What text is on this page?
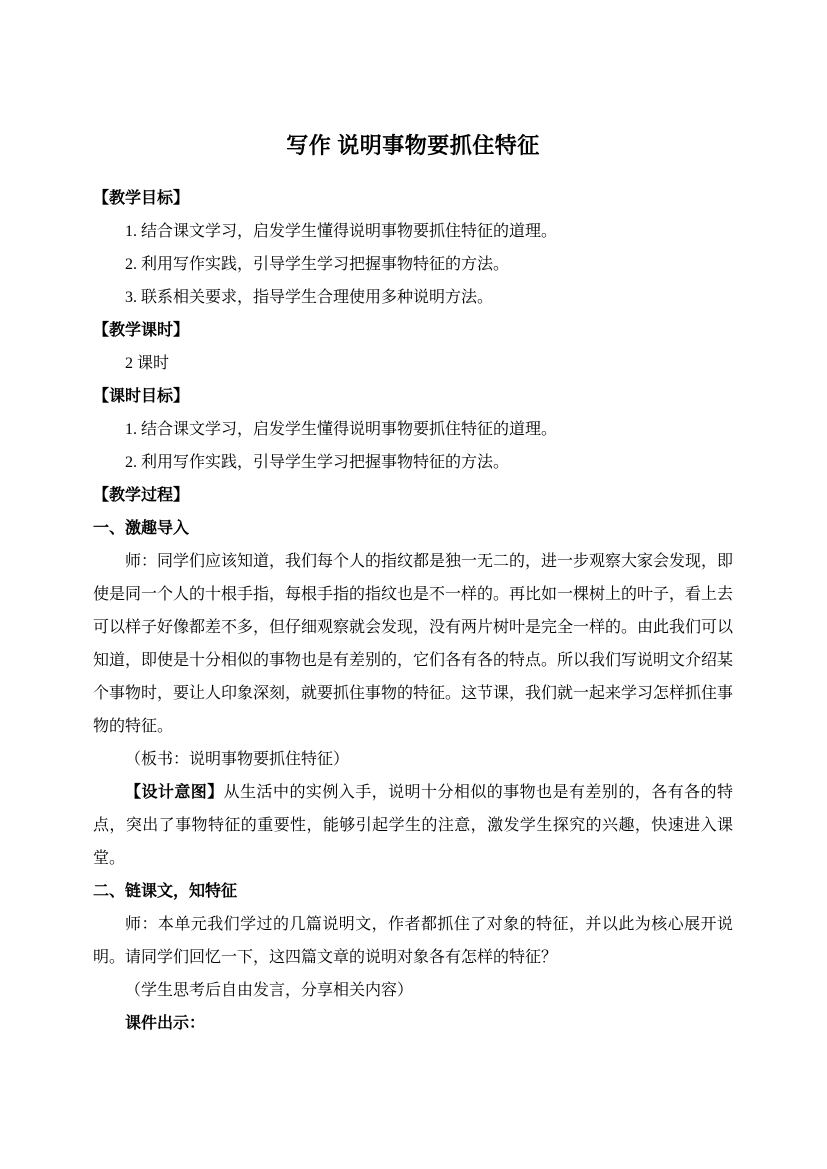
写作 说明事物要抓住特征

【教学目标】

1. 结合课文学习，启发学生懂得说明事物要抓住特征的道理。

2. 利用写作实践，引导学生学习把握事物特征的方法。

3. 联系相关要求，指导学生合理使用多种说明方法。

【教学课时】

2 课时

【课时目标】

1. 结合课文学习，启发学生懂得说明事物要抓住特征的道理。

2. 利用写作实践，引导学生学习把握事物特征的方法。

【教学过程】

一、激趣导入

师：同学们应该知道，我们每个人的指纹都是独一无二的，进一步观察大家会发现，即使是同一个人的十根手指，每根手指的指纹也是不一样的。再比如一棵树上的叶子，看上去可以样子好像都差不多，但仔细观察就会发现，没有两片树叶是完全一样的。由此我们可以知道，即使是十分相似的事物也是有差别的，它们各有各的特点。所以我们写说明文介绍某个事物时，要让人印象深刻，就要抓住事物的特征。这节课，我们就一起来学习怎样抓住事物的特征。

（板书：说明事物要抓住特征）

【设计意图】从生活中的实例入手，说明十分相似的事物也是有差别的，各有各的特点，突出了事物特征的重要性，能够引起学生的注意，激发学生探究的兴趣，快速进入课堂。

二、链课文，知特征

师：本单元我们学过的几篇说明文，作者都抓住了对象的特征，并以此为核心展开说明。请同学们回忆一下，这四篇文章的说明对象各有怎样的特征？

（学生思考后自由发言，分享相关内容）

课件出示：
